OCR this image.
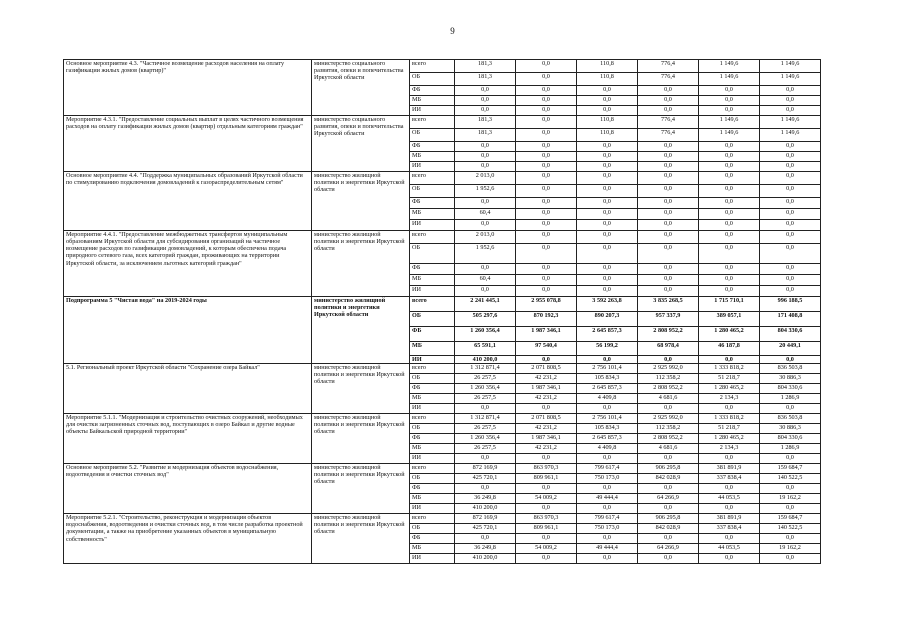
9
Основное мероприятие 4.3. "Частичное возмещение расходов населения на оплату газификации жилых домов (квартир)"	министерство социального развития, опеки и попечительства Иркутской области	всего	181,3	0,0	110,8	776,4	1 149,6	1 149,6
		ОБ	181,3	0,0	110,8	776,4	1 149,6	1 149,6
		ФБ	0,0	0,0	0,0	0,0	0,0	0,0
		МБ	0,0	0,0	0,0	0,0	0,0	0,0
		ИИ	0,0	0,0	0,0	0,0	0,0	0,0
Мероприятие 4.3.1. "Предоставление социальных выплат в целях частичного возмещения расходов на оплату газификации жилых домов (квартир) отдельным категориям граждан"	министерство социального развития, опеки и попечительства Иркутской области	всего	181,3	0,0	110,8	776,4	1 149,6	1 149,6
		ОБ	181,3	0,0	110,8	776,4	1 149,6	1 149,6
		ФБ	0,0	0,0	0,0	0,0	0,0	0,0
		МБ	0,0	0,0	0,0	0,0	0,0	0,0
		ИИ	0,0	0,0	0,0	0,0	0,0	0,0
Основное мероприятие 4.4. "Поддержка муниципальных образований Иркутской области по стимулированию подключения домовладений к газораспределительным сетям"	министерство жилищной политики и энергетики Иркутской области	всего	2 013,0	0,0	0,0	0,0	0,0	0,0
		ОБ	1 952,6	0,0	0,0	0,0	0,0	0,0
		ФБ	0,0	0,0	0,0	0,0	0,0	0,0
		МБ	60,4	0,0	0,0	0,0	0,0	0,0
		ИИ	0,0	0,0	0,0	0,0	0,0	0,0
Мероприятие 4.4.1. "Предоставление межбюджетных трансфертов муниципальным образованиям Иркутской области для субсидирования организаций на частичное возмещение расходов по газификации домовладений, к которым обеспечена подача природного сетевого газа, всех категорий граждан, проживающих на территории Иркутской области, за исключением льготных категорий граждан"	министерство жилищной политики и энергетики Иркутской области	всего	2 013,0	0,0	0,0	0,0	0,0	0,0
		ОБ	1 952,6	0,0	0,0	0,0	0,0	0,0
		ФБ	0,0	0,0	0,0	0,0	0,0	0,0
		МБ	60,4	0,0	0,0	0,0	0,0	0,0
		ИИ	0,0	0,0	0,0	0,0	0,0	0,0
Подпрограмма 5 "Чистая вода" на 2019-2024 годы	министерство жилищной политики и энергетики Иркутской области	всего	2 241 445,1	2 955 078,8	3 592 263,8	3 835 268,5	1 715 710,1	996 188,5
		ОБ	505 297,6	870 192,3	890 207,3	957 337,9	389 057,1	171 408,8
		ФБ	1 260 356,4	1 987 346,1	2 645 857,3	2 808 952,2	1 280 465,2	804 330,6
		МБ	65 591,1	97 540,4	56 199,2	68 978,4	46 187,8	20 449,1
		ИИ	410 200,0	0,0	0,0	0,0	0,0	0,0
5.1. Региональный проект Иркутской области "Сохранение озера Байкал"	министерство жилищной политики и энергетики Иркутской области	всего	1 312 871,4	2 071 808,5	2 756 101,4	2 925 992,0	1 333 818,2	836 503,8
		ОБ	26 257,5	42 231,2	105 834,3	112 358,2	51 218,7	30 886,3
		ФБ	1 260 356,4	1 987 346,1	2 645 857,3	2 808 952,2	1 280 465,2	804 330,6
		МБ	26 257,5	42 231,2	4 409,8	4 681,6	2 134,3	1 286,9
		ИИ	0,0	0,0	0,0	0,0	0,0	0,0
Мероприятие 5.1.1. "Модернизация и строительство очистных сооружений, необходимых для очистки загрязненных сточных вод, поступающих в озеро Байкал и другие водные объекты Байкальской природной территории"	министерство жилищной политики и энергетики Иркутской области	всего	1 312 871,4	2 071 808,5	2 756 101,4	2 925 992,0	1 333 818,2	836 503,8
		ОБ	26 257,5	42 231,2	105 834,3	112 358,2	51 218,7	30 886,3
		ФБ	1 260 356,4	1 987 346,1	2 645 857,3	2 808 952,2	1 280 465,2	804 330,6
		МБ	26 257,5	42 231,2	4 409,8	4 681,6	2 134,3	1 286,9
		ИИ	0,0	0,0	0,0	0,0	0,0	0,0
Основное мероприятие 5.2. "Развитие и модернизация объектов водоснабжения, водоотведения и очистки сточных вод"	министерство жилищной политики и энергетики Иркутской области	всего	872 169,9	863 970,3	799 617,4	906 295,8	381 891,9	159 684,7
		ОБ	425 720,1	809 961,1	750 173,0	842 028,9	337 838,4	140 522,5
		ФБ	0,0	0,0	0,0	0,0	0,0	0,0
		МБ	36 249,8	54 009,2	49 444,4	64 266,9	44 053,5	19 162,2
		ИИ	410 200,0	0,0	0,0	0,0	0,0	0,0
Мероприятие 5.2.1. "Строительство, реконструкция и модернизация объектов водоснабжения, водоотведения и очистки сточных вод, в том числе разработка проектной документации, а также на приобретение указанных объектов в муниципальную собственность"	министерство жилищной политики и энергетики Иркутской области	всего	872 169,9	863 970,3	799 617,4	906 295,8	381 891,9	159 684,7
		ОБ	425 720,1	809 961,1	750 173,0	842 028,9	337 838,4	140 522,5
		ФБ	0,0	0,0	0,0	0,0	0,0	0,0
		МБ	36 249,8	54 009,2	49 444,4	64 266,9	44 053,5	19 162,2
		ИИ	410 200,0	0,0	0,0	0,0	0,0	0,0
